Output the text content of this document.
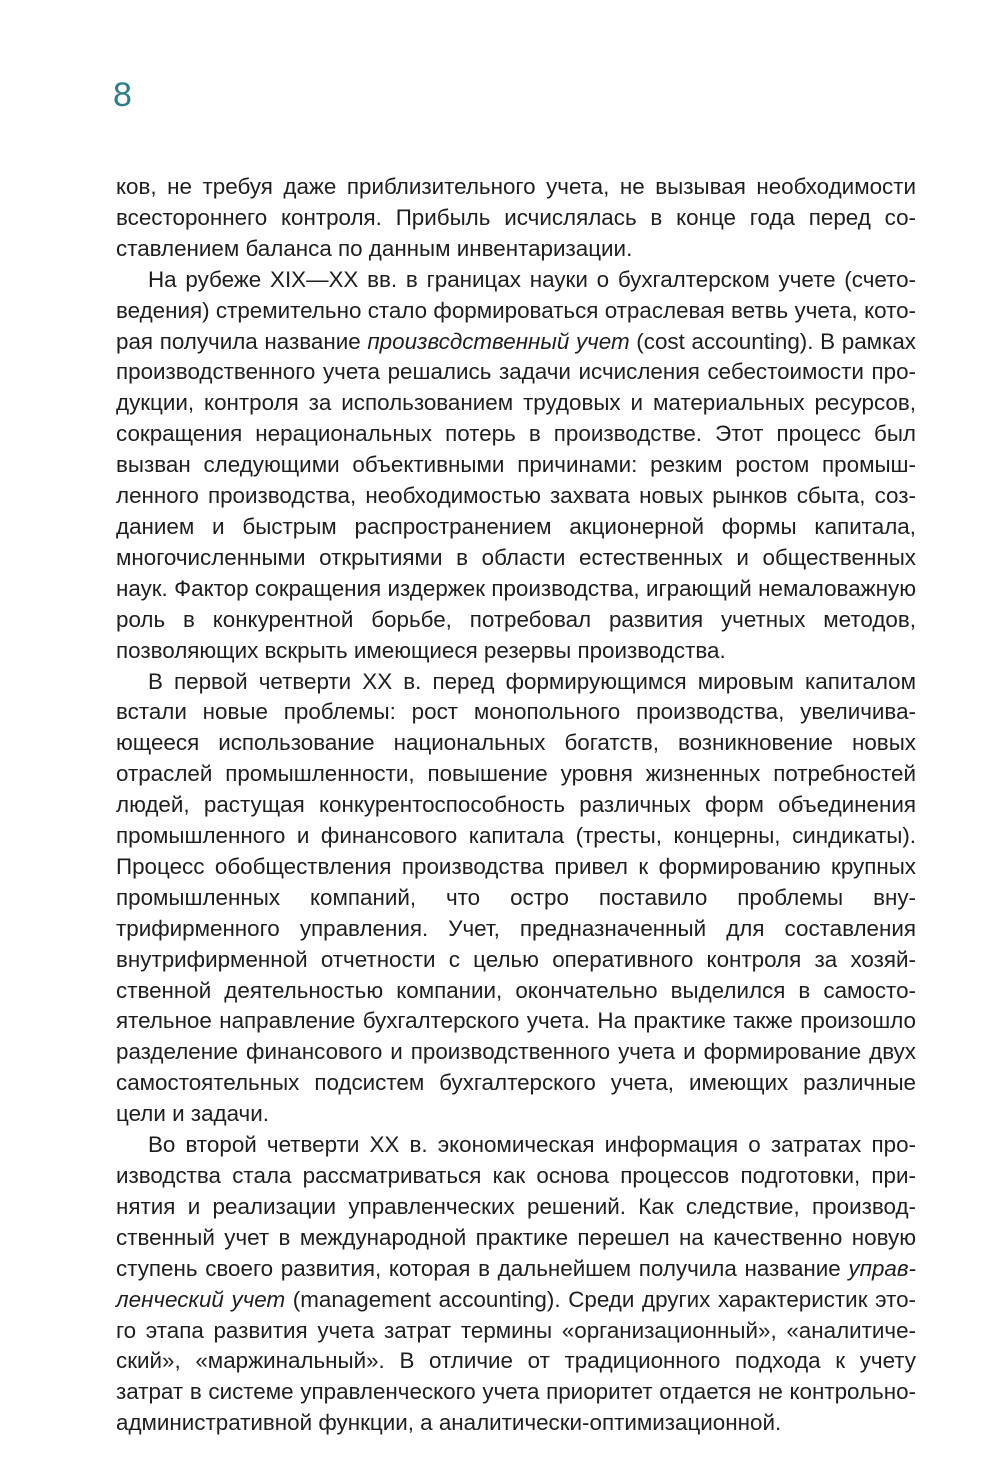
8

ков, не требуя даже приблизительного учета, не вызывая необходимости всестороннего контроля. Прибыль исчислялась в конце года перед составлением баланса по данным инвентаризации.

На рубеже XIX—XX вв. в границах науки о бухгалтерском учете (счетоведения) стремительно стало формироваться отраслевая ветвь учета, которая получила название произвсдственный учет (cost accounting). В рамках производственного учета решались задачи исчисления себестоимости продукции, контроля за использованием трудовых и материальных ресурсов, сокращения нерациональных потерь в производстве. Этот процесс был вызван следующими объективными причинами: резким ростом промышленного производства, необходимостью захвата новых рынков сбыта, созданием и быстрым распространением акционерной формы капитала, многочисленными открытиями в области естественных и общественных наук. Фактор сокращения издержек производства, играющий немаловажную роль в конкурентной борьбе, потребовал развития учетных методов, позволяющих вскрыть имеющиеся резервы производства.

В первой четверти XX в. перед формирующимся мировым капиталом встали новые проблемы: рост монопольного производства, увеличивающееся использование национальных богатств, возникновение новых отраслей промышленности, повышение уровня жизненных потребностей людей, растущая конкурентоспособность различных форм объединения промышленного и финансового капитала (тресты, концерны, синдикаты). Процесс обобществления производства привел к формированию крупных промышленных компаний, что остро поставило проблемы внутрифирменного управления. Учет, предназначенный для составления внутрифирменной отчетности с целью оперативного контроля за хозяйственной деятельностью компании, окончательно выделился в самостоятельное направление бухгалтерского учета. На практике также произошло разделение финансового и производственного учета и формирование двух самостоятельных подсистем бухгалтерского учета, имеющих различные цели и задачи.

Во второй четверти XX в. экономическая информация о затратах производства стала рассматриваться как основа процессов подготовки, принятия и реализации управленческих решений. Как следствие, производственный учет в международной практике перешел на качественно новую ступень своего развития, которая в дальнейшем получила название управленческий учет (management accounting). Среди других характеристик этого этапа развития учета затрат термины «организационный», «аналитический», «маржинальный». В отличие от традиционного подхода к учету затрат в системе управленческого учета приоритет отдается не контрольно-административной функции, а аналитически-оптимизационной.
